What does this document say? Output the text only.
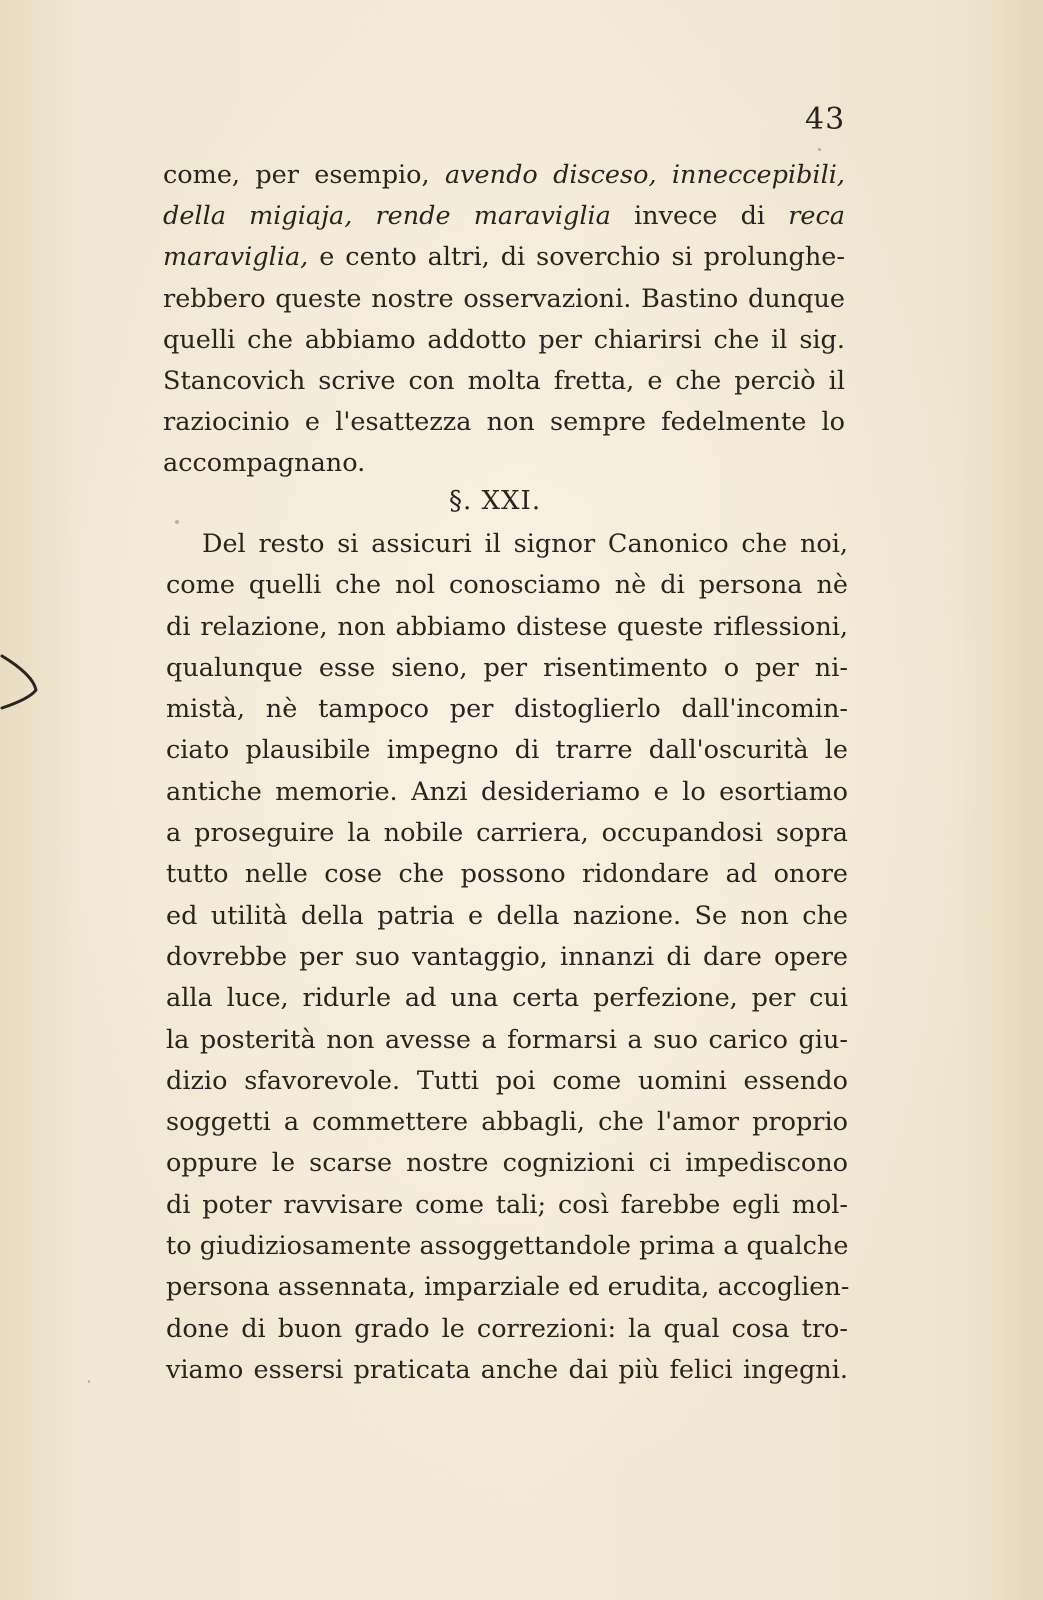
43
come, per esempio, avendo disceso, inneccepibili,
della migiaja, rende maraviglia invece di reca
maraviglia, e cento altri, di soverchio si prolunghe-
rebbero queste nostre osservazioni. Bastino dunque
quelli che abbiamo addotto per chiarirsi che il sig.
Stancovich scrive con molta fretta, e che perciò il
raziocinio e l'esattezza non sempre fedelmente lo
accompagnano.
§. XXI.
Del resto si assicuri il signor Canonico che noi,
come quelli che nol conosciamo nè di persona nè
di relazione, non abbiamo distese queste riflessioni,
qualunque esse sieno, per risentimento o per ni-
mistà, nè tampoco per distoglierlo dall'incomin-
ciato plausibile impegno di trarre dall'oscurità le
antiche memorie. Anzi desideriamo e lo esortiamo
a proseguire la nobile carriera, occupandosi sopra
tutto nelle cose che possono ridondare ad onore
ed utilità della patria e della nazione. Se non che
dovrebbe per suo vantaggio, innanzi di dare opere
alla luce, ridurle ad una certa perfezione, per cui
la posterità non avesse a formarsi a suo carico giu-
dizio sfavorevole. Tutti poi come uomini essendo
soggetti a commettere abbagli, che l'amor proprio
oppure le scarse nostre cognizioni ci impediscono
di poter ravvisare come tali; così farebbe egli mol-
to giudiziosamente assoggettandole prima a qualche
persona assennata, imparziale ed erudita, accoglien-
done di buon grado le correzioni: la qual cosa tro-
viamo essersi praticata anche dai più felici ingegni.
